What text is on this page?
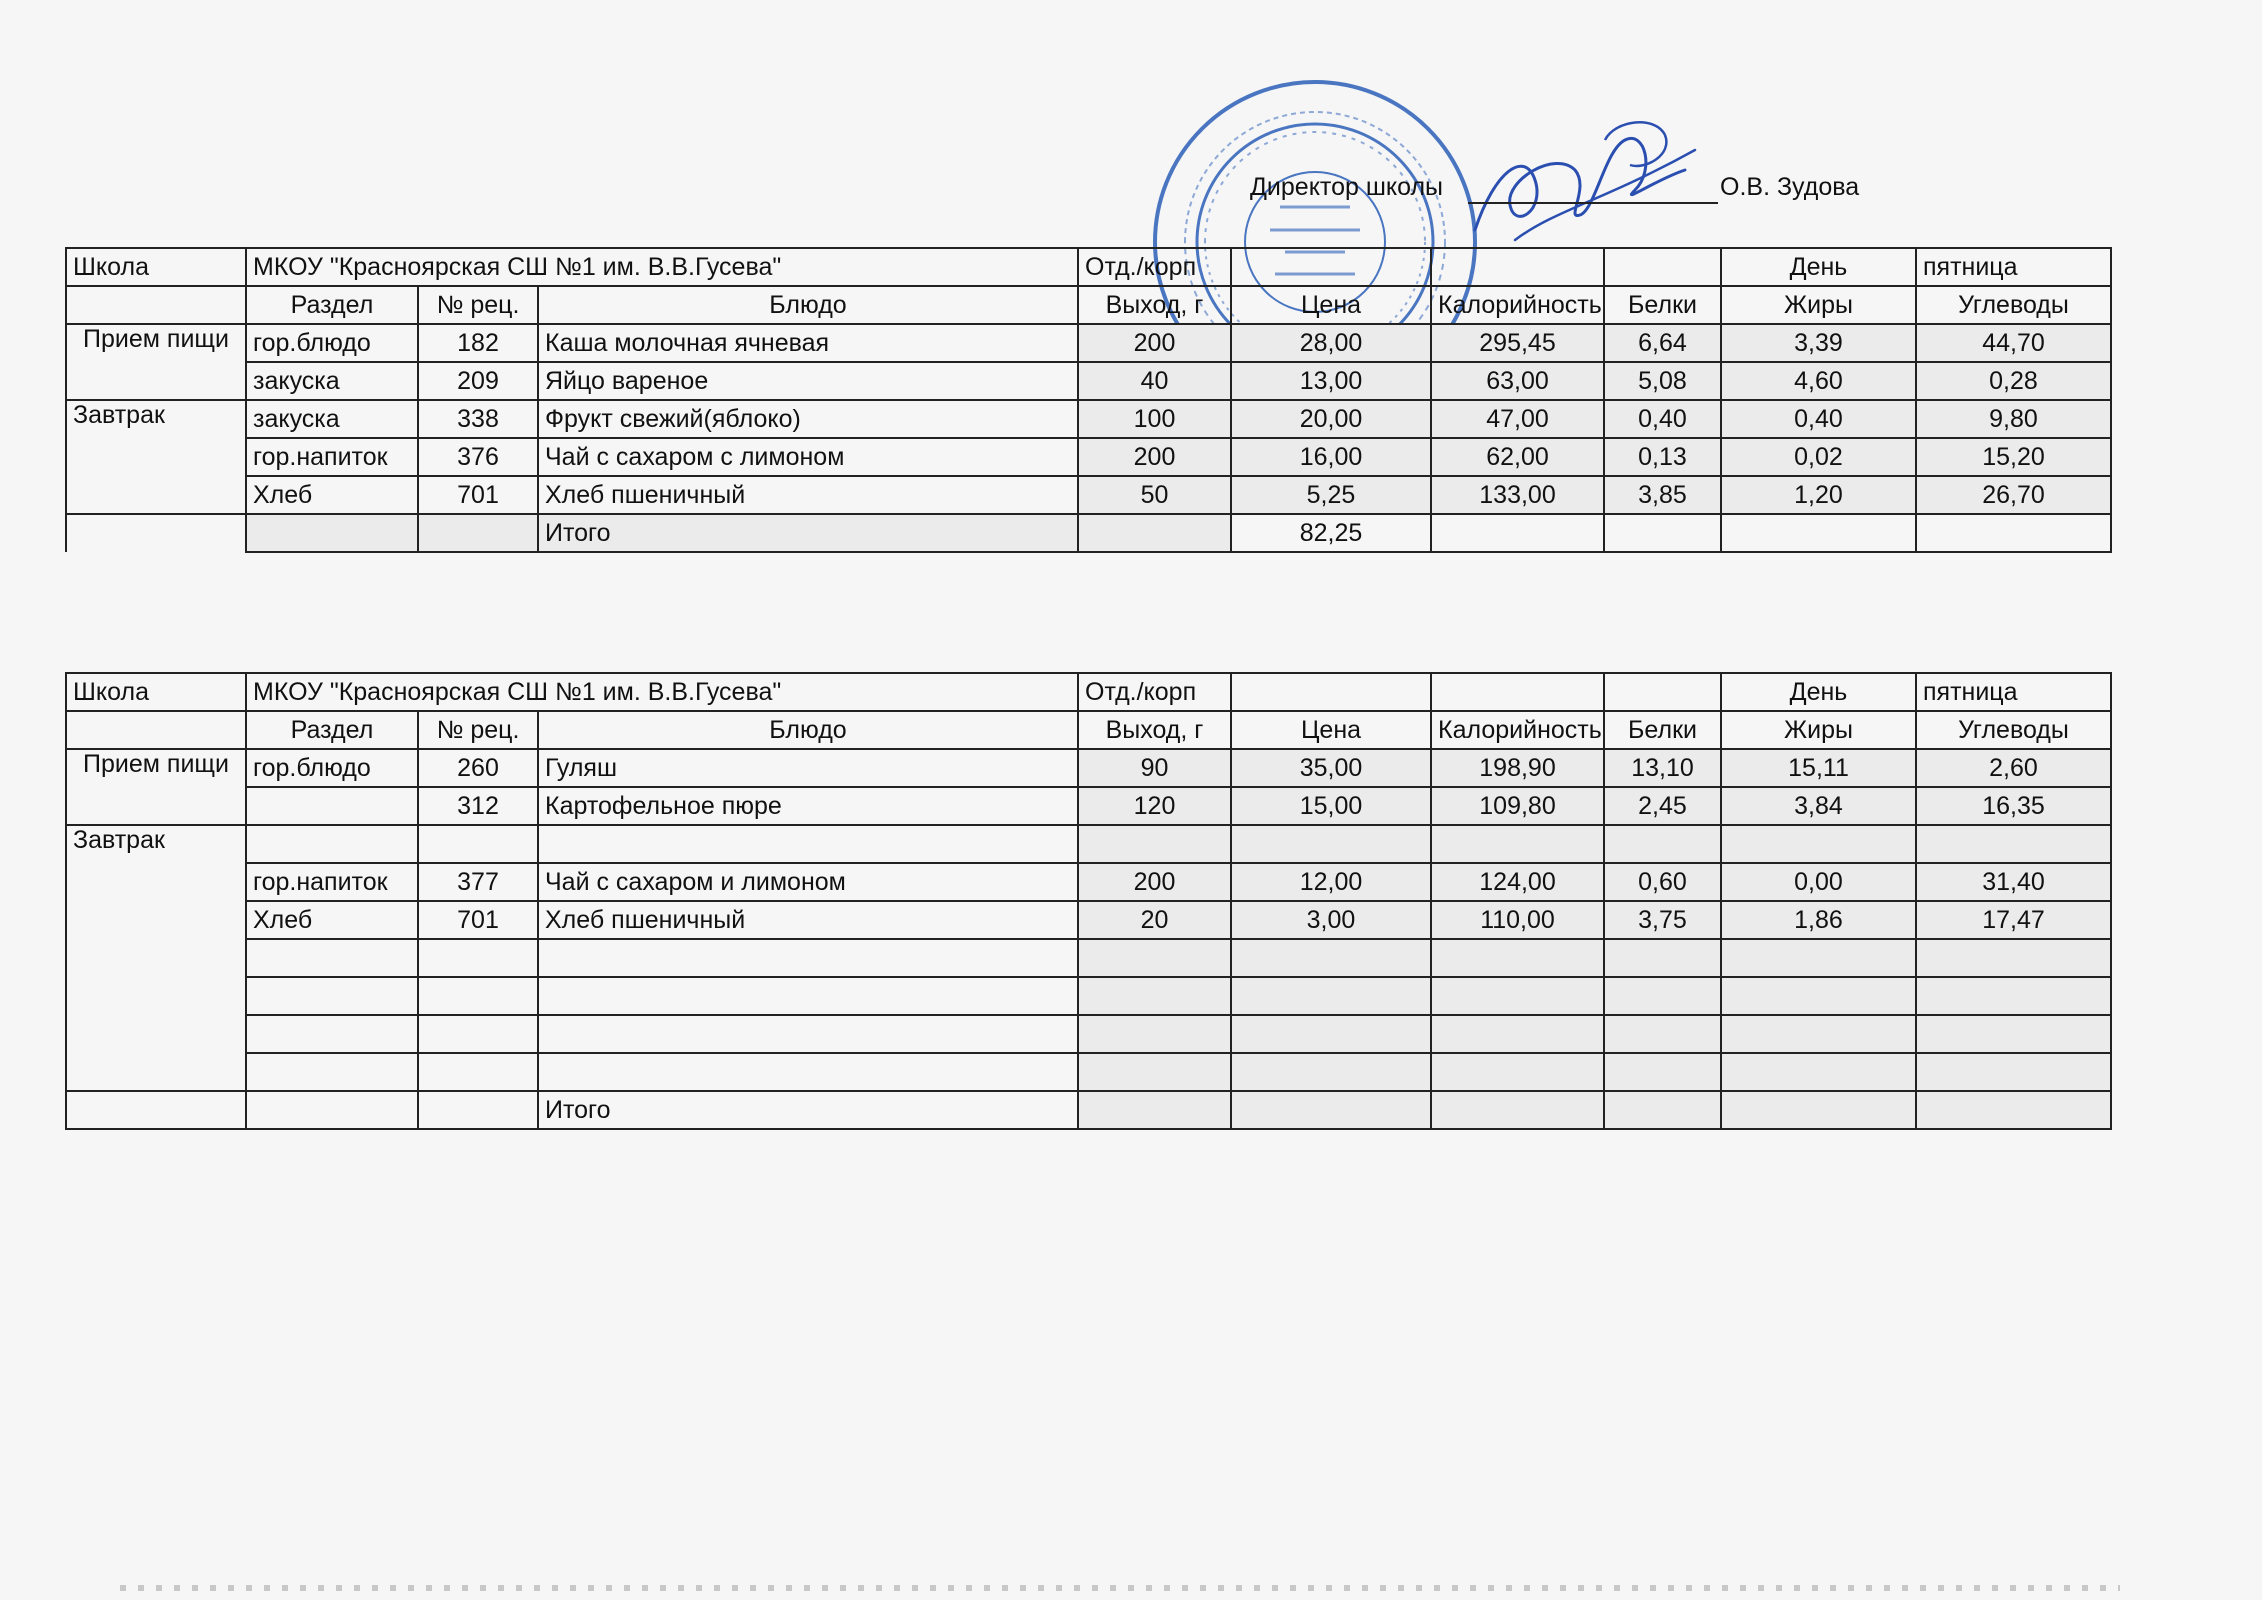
Директор школы	О.В. Зудова
Школа	МКОУ "Красноярская СШ №1 им. В.В.Гусева"			Отд./корп				День	пятница
	Раздел	№ рец.	Блюдо	Выход, г	Цена	Калорийность	Белки	Жиры	Углеводы
Прием пищи	гор.блюдо	182	Каша молочная ячневая	200	28,00	295,45	6,64	3,39	44,70
	закуска	209	Яйцо вареное	40	13,00	63,00	5,08	4,60	0,28
Завтрак	закуска	338	Фрукт свежий(яблоко)	100	20,00	47,00	0,40	0,40	9,80
	гор.напиток	376	Чай с сахаром с лимоном	200	16,00	62,00	0,13	0,02	15,20
	Хлеб	701	Хлеб пшеничный	50	5,25	133,00	3,85	1,20	26,70
			Итого		82,25				
Школа	МКОУ "Красноярская СШ №1 им. В.В.Гусева"			Отд./корп				День	пятница
	Раздел	№ рец.	Блюдо	Выход, г	Цена	Калорийность	Белки	Жиры	Углеводы
Прием пищи	гор.блюдо	260	Гуляш	90	35,00	198,90	13,10	15,11	2,60
		312	Картофельное пюре	120	15,00	109,80	2,45	3,84	16,35
Завтрак									
	гор.напиток	377	Чай с сахаром и лимоном	200	12,00	124,00	0,60	0,00	31,40
	Хлеб	701	Хлеб пшеничный	20	3,00	110,00	3,75	1,86	17,47

			Итого						
